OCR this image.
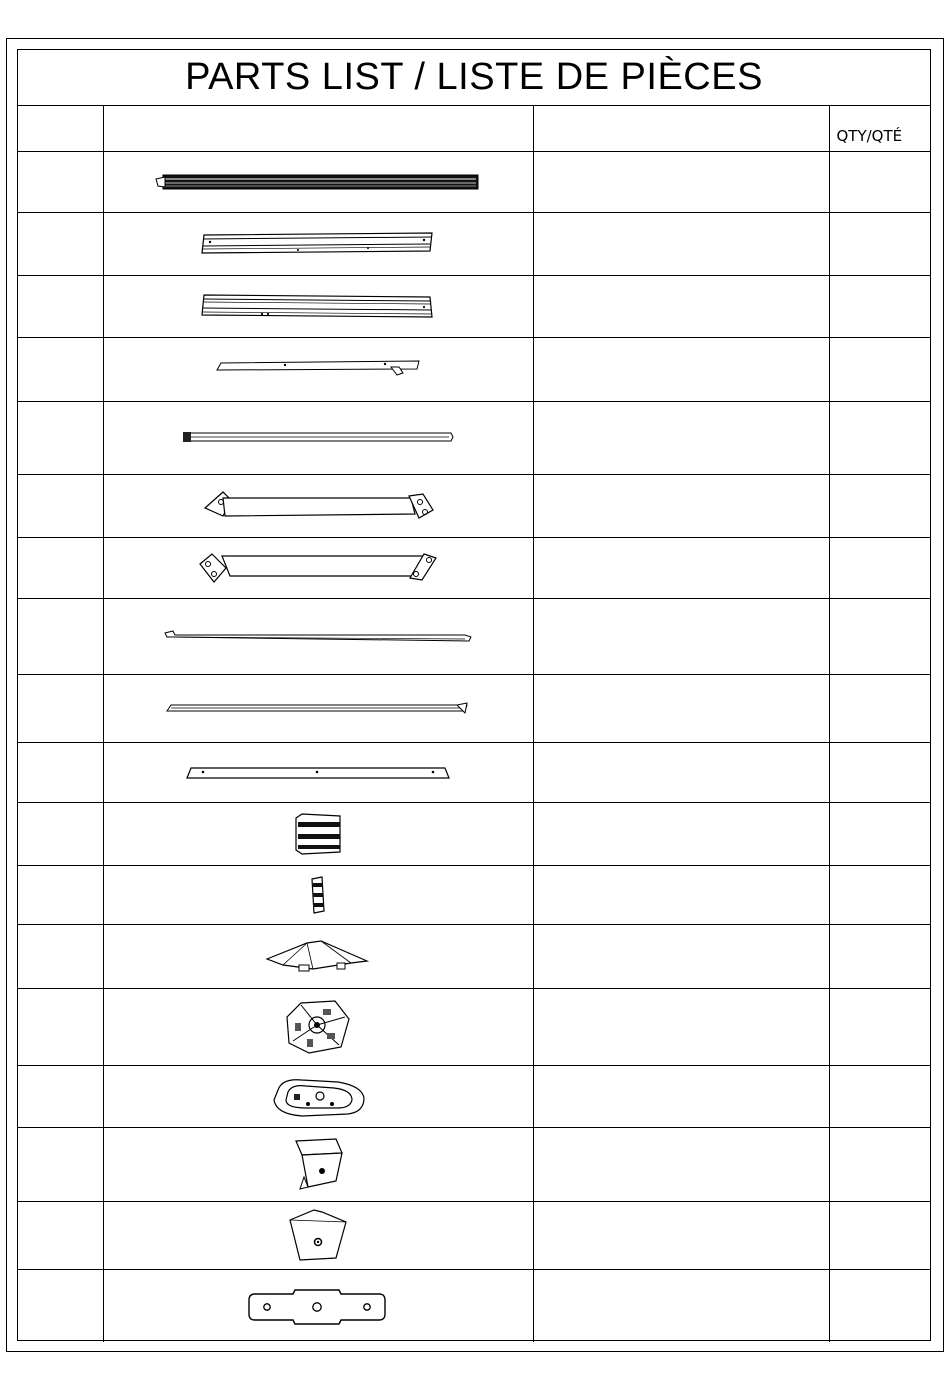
PARTS LIST / LISTE DE PIÈCES
			QTY/QTÉ
